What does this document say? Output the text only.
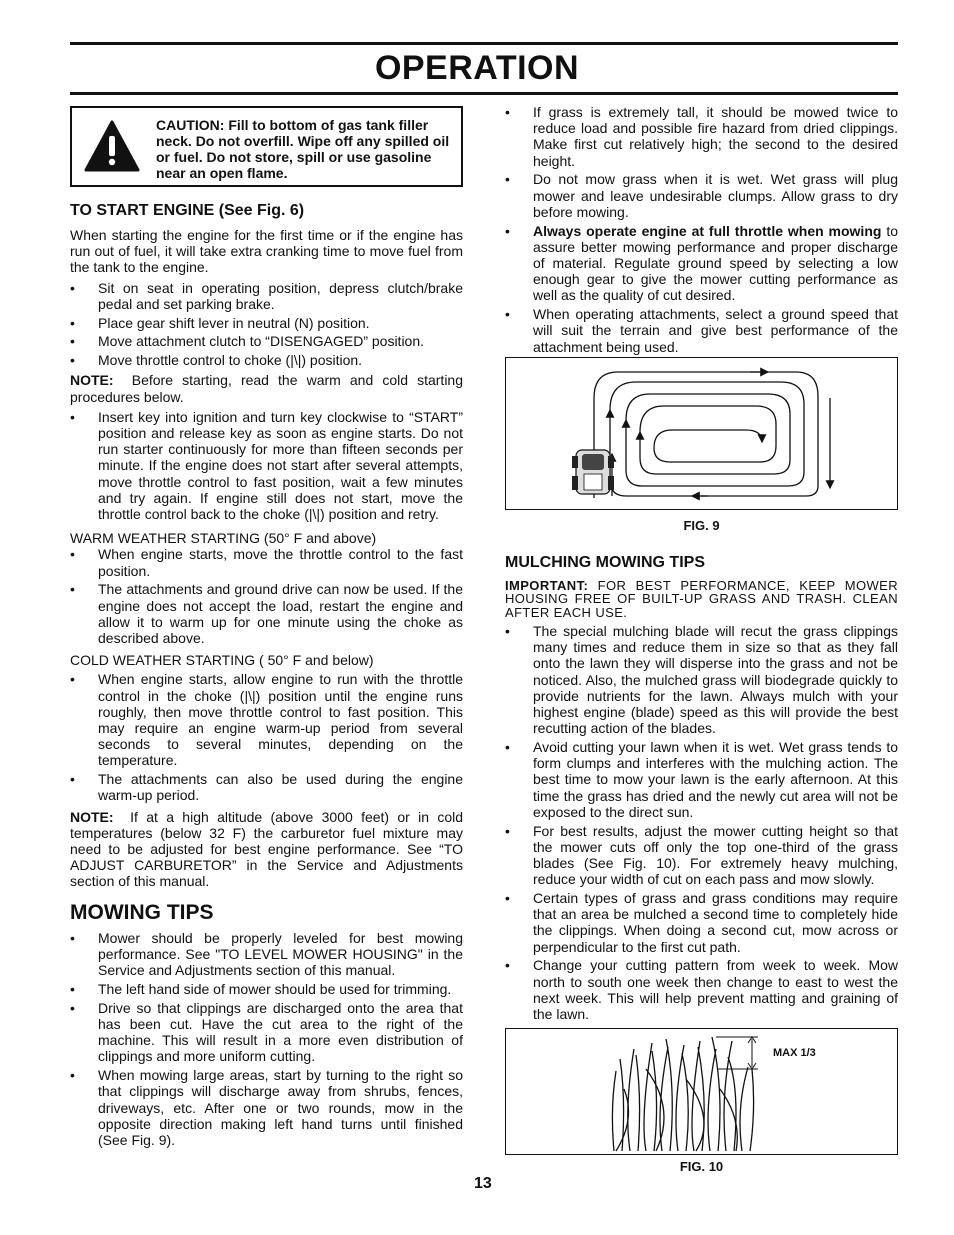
OPERATION
CAUTION: Fill to bottom of gas tank filler neck. Do not overfill. Wipe off any spilled oil or fuel. Do not store, spill or use gasoline near an open flame.
TO START ENGINE (See Fig. 6)

When starting the engine for the first time or if the engine has run out of fuel, it will take extra cranking time to move fuel from the tank to the engine.

• Sit on seat in operating position, depress clutch/brake pedal and set parking brake.
• Place gear shift lever in neutral (N) position.
• Move attachment clutch to “DISENGAGED” position.
• Move throttle control to choke (|\|) position.

NOTE: Before starting, read the warm and cold starting procedures below.

• Insert key into ignition and turn key clockwise to “START” position and release key as soon as engine starts. Do not run starter continuously for more than fifteen seconds per minute. If the engine does not start after several attempts, move throttle control to fast position, wait a few minutes and try again. If engine still does not start, move the throttle control back to the choke (|\|) position and retry.

WARM WEATHER STARTING (50° F and above)

• When engine starts, move the throttle control to the fast position.
• The attachments and ground drive can now be used. If the engine does not accept the load, restart the engine and allow it to warm up for one minute using the choke as described above.

COLD WEATHER STARTING ( 50° F and below)

• When engine starts, allow engine to run with the throttle control in the choke (|\|) position until the engine runs roughly, then move throttle control to fast position. This may require an engine warm-up period from several seconds to several minutes, depending on the temperature.
• The attachments can also be used during the engine warm-up period.

NOTE: If at a high altitude (above 3000 feet) or in cold temperatures (below 32 F) the carburetor fuel mixture may need to be adjusted for best engine performance. See “TO ADJUST CARBURETOR” in the Service and Adjustments section of this manual.

MOWING TIPS
• Mower should be properly leveled for best mowing performance. See "TO LEVEL MOWER HOUSING" in the Service and Adjustments section of this manual.
• The left hand side of mower should be used for trimming.
• Drive so that clippings are discharged onto the area that has been cut. Have the cut area to the right of the machine. This will result in a more even distribution of clippings and more uniform cutting.
• When mowing large areas, start by turning to the right so that clippings will discharge away from shrubs, fences, driveways, etc. After one or two rounds, mow in the opposite direction making left hand turns until finished (See Fig. 9).
• If grass is extremely tall, it should be mowed twice to reduce load and possible fire hazard from dried clippings. Make first cut relatively high; the second to the desired height.
• Do not mow grass when it is wet. Wet grass will plug mower and leave undesirable clumps. Allow grass to dry before mowing.
• Always operate engine at full throttle when mowing to assure better mowing performance and proper discharge of material. Regulate ground speed by selecting a low enough gear to give the mower cutting performance as well as the quality of cut desired.
• When operating attachments, select a ground speed that will suit the terrain and give best performance of the attachment being used.
FIG. 9
MULCHING MOWING TIPS

IMPORTANT: FOR BEST PERFORMANCE, KEEP MOWER HOUSING FREE OF BUILT-UP GRASS AND TRASH. CLEAN AFTER EACH USE.

• The special mulching blade will recut the grass clippings many times and reduce them in size so that as they fall onto the lawn they will disperse into the grass and not be noticed. Also, the mulched grass will biodegrade quickly to provide nutrients for the lawn. Always mulch with your highest engine (blade) speed as this will provide the best recutting action of the blades.
• Avoid cutting your lawn when it is wet. Wet grass tends to form clumps and interferes with the mulching action. The best time to mow your lawn is the early afternoon. At this time the grass has dried and the newly cut area will not be exposed to the direct sun.
• For best results, adjust the mower cutting height so that the mower cuts off only the top one-third of the grass blades (See Fig. 10). For extremely heavy mulching, reduce your width of cut on each pass and mow slowly.
• Certain types of grass and grass conditions may require that an area be mulched a second time to completely hide the clippings. When doing a second cut, mow across or perpendicular to the first cut path.
• Change your cutting pattern from week to week. Mow north to south one week then change to east to west the next week. This will help prevent matting and graining of the lawn.
MAX 1/3
FIG. 10
13
